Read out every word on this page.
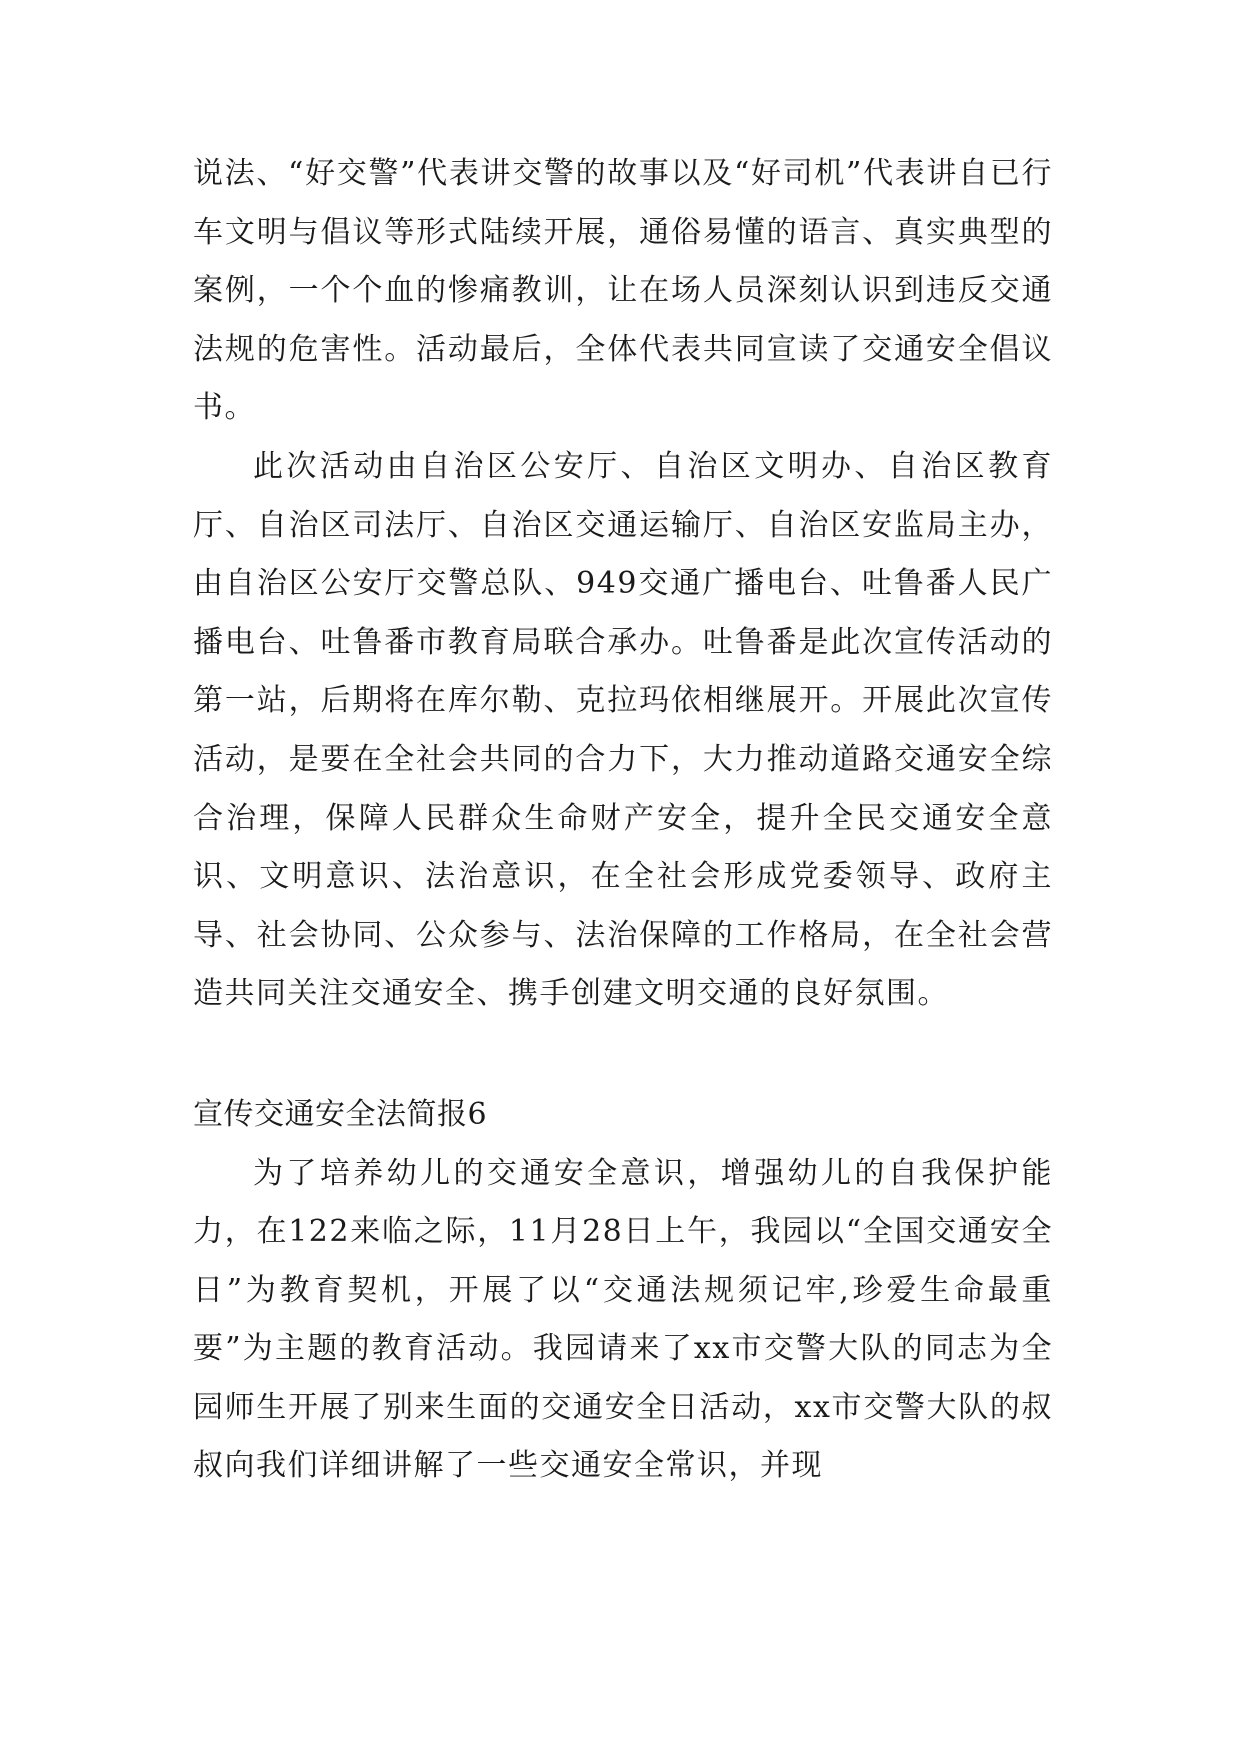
说法、“好交警”代表讲交警的故事以及“好司机”代表讲自已行车文明与倡议等形式陆续开展，通俗易懂的语言、真实典型的案例，一个个血的惨痛教训，让在场人员深刻认识到违反交通法规的危害性。活动最后，全体代表共同宣读了交通安全倡议书。

此次活动由自治区公安厅、自治区文明办、自治区教育厅、自治区司法厅、自治区交通运输厅、自治区安监局主办，由自治区公安厅交警总队、949交通广播电台、吐鲁番人民广播电台、吐鲁番市教育局联合承办。吐鲁番是此次宣传活动的第一站，后期将在库尔勒、克拉玛依相继展开。开展此次宣传活动，是要在全社会共同的合力下，大力推动道路交通安全综合治理，保障人民群众生命财产安全，提升全民交通安全意识、文明意识、法治意识，在全社会形成党委领导、政府主导、社会协同、公众参与、法治保障的工作格局，在全社会营造共同关注交通安全、携手创建文明交通的良好氛围。

宣传交通安全法简报6

为了培养幼儿的交通安全意识，增强幼儿的自我保护能力，在122来临之际，11月28日上午，我园以“全国交通安全日”为教育契机，开展了以“交通法规须记牢,珍爱生命最重要”为主题的教育活动。我园请来了xx市交警大队的同志为全园师生开展了别来生面的交通安全日活动，xx市交警大队的叔叔向我们详细讲解了一些交通安全常识，并现
